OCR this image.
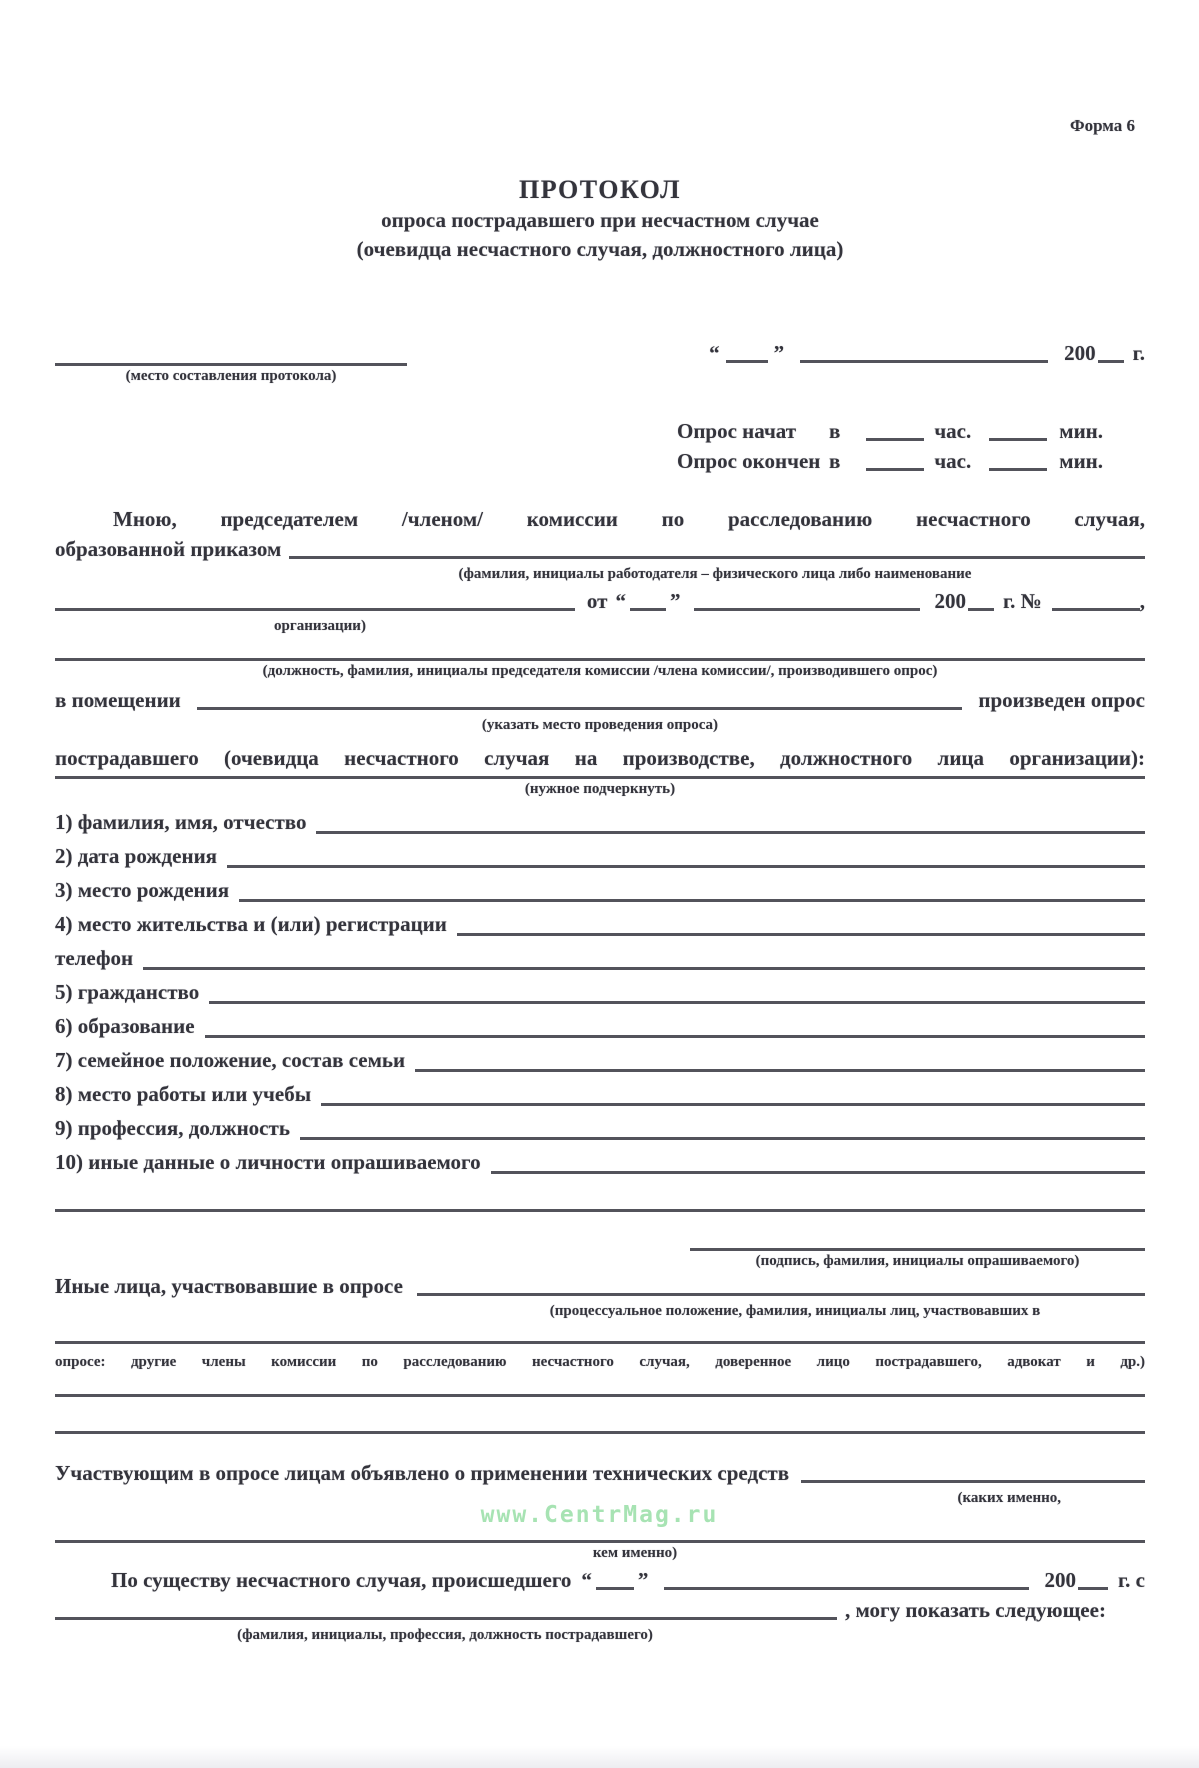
Форма 6
ПРОТОКОЛ
опроса пострадавшего при несчастном случае
(очевидца несчастного случая, должностного лица)
(место составления протокола)
“	”	200 г.
Опрос начат	в	час.	мин.
Опрос окончен в	час.	мин.
Мною, председателем /членом/ комиссии по расследованию несчастного случая,
образованной приказом
(фамилия, инициалы работодателя – физического лица либо наименование
от “ ”	200 г. №	,
организации)
(должность, фамилия, инициалы председателя комиссии /члена комиссии/, производившего опрос)
в помещении	произведен опрос
(указать место проведения опроса)
пострадавшего (очевидца несчастного случая на производстве, должностного лица организации):
(нужное подчеркнуть)
1) фамилия, имя, отчество
2) дата рождения
3) место рождения
4) место жительства и (или) регистрации
телефон
5) гражданство
6) образование
7) семейное положение, состав семьи
8) место работы или учебы
9) профессия, должность
10) иные данные о личности опрашиваемого
(подпись, фамилия, инициалы опрашиваемого)
Иные лица, участвовавшие в опросе
(процессуальное положение, фамилия, инициалы лиц, участвовавших в
опросе: другие члены комиссии по расследованию несчастного случая, доверенное лицо пострадавшего, адвокат и др.)
Участвующим в опросе лицам объявлено о применении технических средств
(каких именно,
кем именно)
По существу несчастного случая, происшедшего “ ”	200 г. с
, могу показать следующее:
(фамилия, инициалы, профессия, должность пострадавшего)
www.CentrMag.ru
